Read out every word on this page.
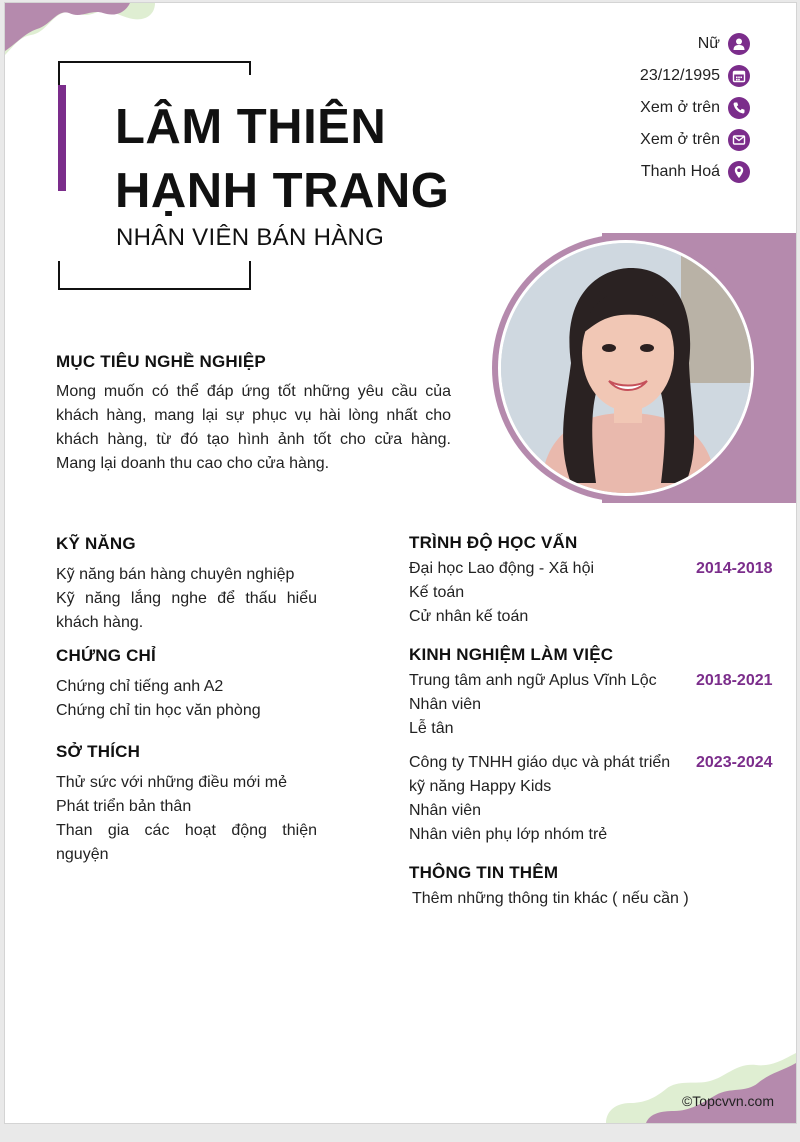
LÂM THIÊN
HẠNH TRANG
NHÂN VIÊN BÁN HÀNG
Nữ
23/12/1995
Xem ở trên
Xem ở trên
Thanh Hoá
MỤC TIÊU NGHỀ NGHIỆP
Mong muốn có thể đáp ứng tốt những yêu cầu của khách hàng, mang lại sự phục vụ hài lòng nhất cho khách hàng, từ đó tạo hình ảnh tốt cho cửa hàng. Mang lại doanh thu cao cho cửa hàng.
KỸ NĂNG
Kỹ năng bán hàng chuyên nghiệp
Kỹ năng lắng nghe để thấu hiểu khách hàng.
CHỨNG CHỈ
Chứng chỉ tiếng anh A2
Chứng chỉ tin học văn phòng
SỞ THÍCH
Thử sức với những điều mới mẻ
Phát triển bản thân
Than gia các hoạt động thiện nguyện
TRÌNH ĐỘ HỌC VẤN
Đại học Lao động - Xã hội	2014-2018
Kế toán
Cử nhân kế toán
KINH NGHIỆM LÀM VIỆC
Trung tâm anh ngữ Aplus Vĩnh Lộc
Nhân viên
Lễ tân
2018-2021
Công ty TNHH giáo dục và phát triển kỹ năng Happy Kids
Nhân viên
Nhân viên phụ lớp nhóm trẻ
2023-2024
THÔNG TIN THÊM
Thêm những thông tin khác ( nếu cần )
©Topcvvn.com
